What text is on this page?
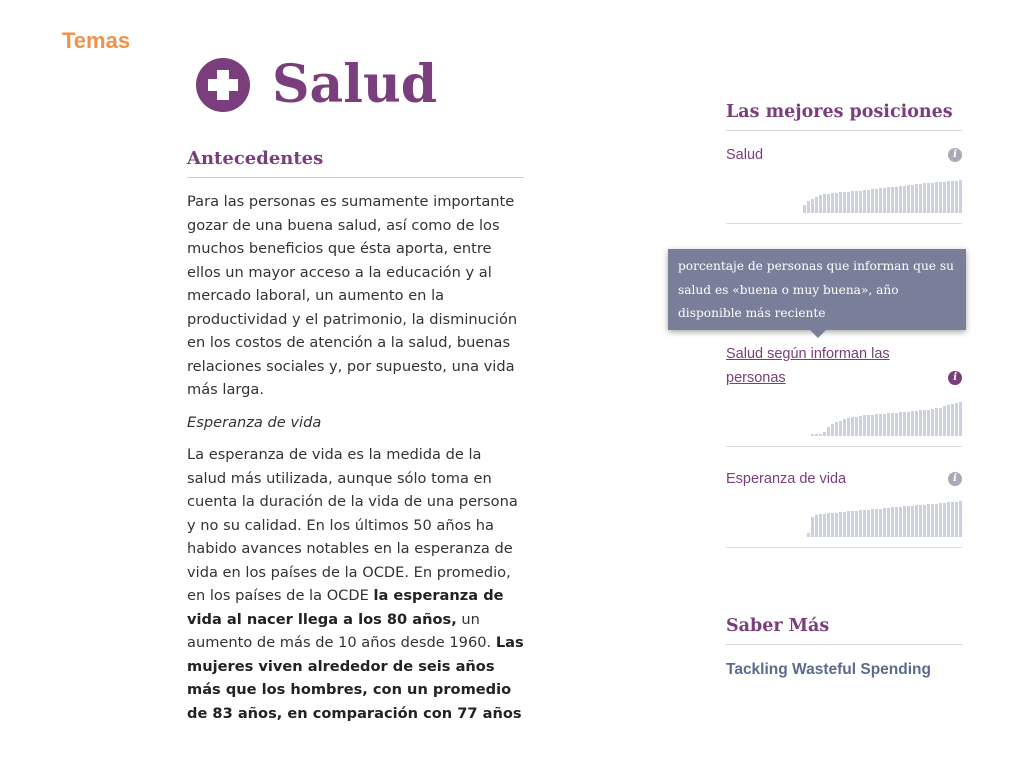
Temas
Salud
Antecedentes

Para las personas es sumamente importante gozar de una buena salud, así como de los muchos beneficios que ésta aporta, entre ellos un mayor acceso a la educación y al mercado laboral, un aumento en la productividad y el patrimonio, la disminución en los costos de atención a la salud, buenas relaciones sociales y, por supuesto, una vida más larga.

Esperanza de vida

La esperanza de vida es la medida de la salud más utilizada, aunque sólo toma en cuenta la duración de la vida de una persona y no su calidad. En los últimos 50 años ha habido avances notables en la esperanza de vida en los países de la OCDE. En promedio, en los países de la OCDE la esperanza de vida al nacer llega a los 80 años, un aumento de más de 10 años desde 1960. Las mujeres viven alrededor de seis años más que los hombres, con un promedio de 83 años, en comparación con 77 años

Las mejores posiciones
Salud	i
Salud según informan las personas	i
Esperanza de vida	i
porcentaje de personas que informan que su salud es «buena o muy buena», año disponible más reciente
Saber Más
Tackling Wasteful Spending
